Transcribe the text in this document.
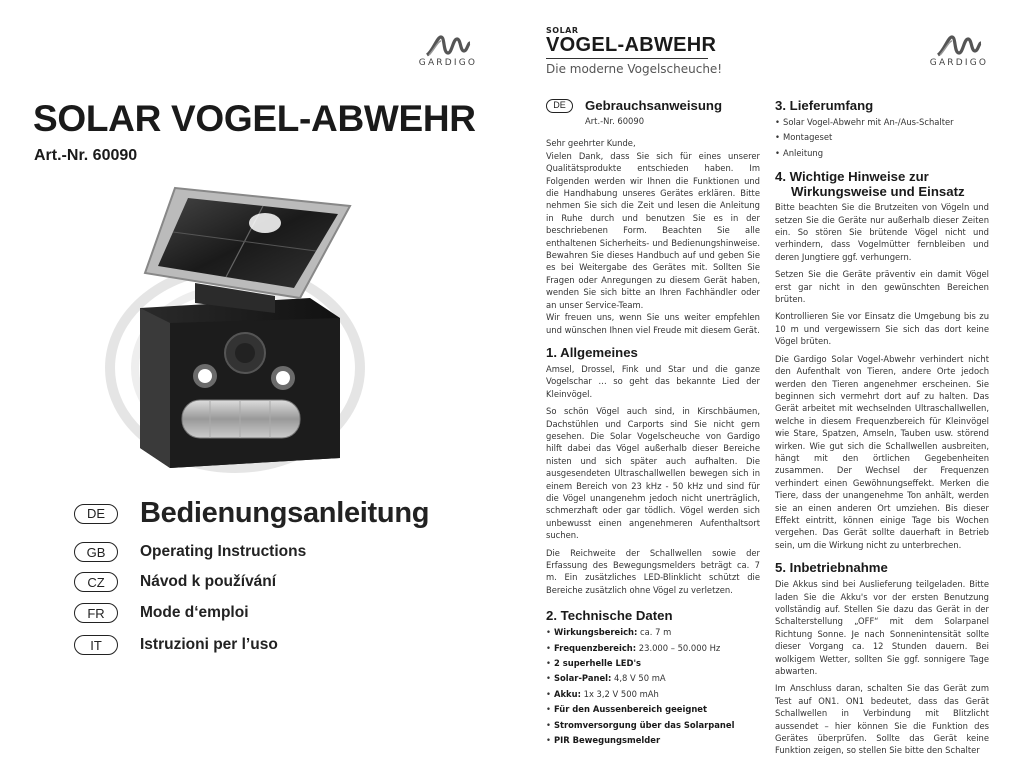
GARDIGO
SOLAR VOGEL-ABWEHR
Art.-Nr. 60090
DE	Bedienungsanleitung
GB	Operating Instructions
CZ	Návod k používání
FR	Mode d‘emploi
IT	Istruzioni per l’uso
SOLAR
VOGEL-ABWEHR
Die moderne Vogelscheuche!	GARDIGO
DE	Gebrauchsanweisung
Art.-Nr. 60090

Sehr geehrter Kunde,

Vielen Dank, dass Sie sich für eines unserer Qualitätsprodukte entschieden haben. Im Folgenden werden wir Ihnen die Funktionen und die Handhabung unseres Gerätes erklären. Bitte nehmen Sie sich die Zeit und lesen die Anleitung in Ruhe durch und benutzen Sie es in der beschriebenen Form. Beachten Sie alle enthaltenen Sicherheits- und Bedienungshinweise. Bewahren Sie dieses Handbuch auf und geben Sie es bei Weitergabe des Gerätes mit. Sollten Sie Fragen oder Anregungen zu diesem Gerät haben, wenden Sie sich bitte an Ihren Fachhändler oder an unser Service-Team.

Wir freuen uns, wenn Sie uns weiter empfehlen und wünschen Ihnen viel Freude mit diesem Gerät.

1. Allgemeines

Amsel, Drossel, Fink und Star und die ganze Vogelschar … so geht das bekannte Lied der Kleinvögel.

So schön Vögel auch sind, in Kirschbäumen, Dachstühlen und Carports sind Sie nicht gern gesehen. Die Solar Vogelscheuche von Gardigo hilft dabei das Vögel außerhalb dieser Bereiche nisten und sich später auch aufhalten. Die ausgesendeten Ultraschallwellen bewegen sich in einem Bereich von 23 kHz - 50 kHz und sind für die Vögel unangenehm jedoch nicht unerträglich, schmerzhaft oder gar tödlich. Vögel werden sich unbewusst einen angenehmeren Aufenthaltsort suchen.

Die Reichweite der Schallwellen sowie der Erfassung des Bewegungsmelders beträgt ca. 7 m. Ein zusätzliches LED-Blinklicht schützt die Bereiche zusätzlich ohne Vögel zu verletzen.

2. Technische Daten
• Wirkungsbereich: ca. 7 m
• Frequenzbereich: 23.000 – 50.000 Hz
• 2 superhelle LED's
• Solar-Panel: 4,8 V 50 mA
• Akku: 1x 3,2 V 500 mAh
• Für den Aussenbereich geeignet
• Stromversorgung über das Solarpanel
• PIR Bewegungsmelder
3. Lieferumfang
• Solar Vogel-Abwehr mit An-/Aus-Schalter
• Montageset
• Anleitung
4. Wichtige Hinweise zur
Wirkungsweise und Einsatz

Bitte beachten Sie die Brutzeiten von Vögeln und setzen Sie die Geräte nur außerhalb dieser Zeiten ein. So stören Sie brütende Vögel nicht und verhindern, dass Vogelmütter fernbleiben und deren Jungtiere ggf. verhungern.

Setzen Sie die Geräte präventiv ein damit Vögel erst gar nicht in den gewünschten Bereichen brüten.

Kontrollieren Sie vor Einsatz die Umgebung bis zu 10 m und vergewissern Sie sich das dort keine Vögel brüten.

Die Gardigo Solar Vogel-Abwehr verhindert nicht den Aufenthalt von Tieren, andere Orte jedoch werden den Tieren angenehmer erscheinen. Sie beginnen sich vermehrt dort auf zu halten. Das Gerät arbeitet mit wechselnden Ultraschallwellen, welche in diesem Frequenzbereich für Kleinvögel wie Stare, Spatzen, Amseln, Tauben usw. störend wirken. Wie gut sich die Schallwellen ausbreiten, hängt mit den örtlichen Gegebenheiten zusammen. Der Wechsel der Frequenzen verhindert einen Gewöhnungseffekt. Merken die Tiere, dass der unangenehme Ton anhält, werden sie an einen anderen Ort umziehen. Bis dieser Effekt eintritt, können einige Tage bis Wochen vergehen. Das Gerät sollte dauerhaft in Betrieb sein, um die Wirkung nicht zu unterbrechen.

5. Inbetriebnahme

Die Akkus sind bei Auslieferung teilgeladen. Bitte laden Sie die Akku's vor der ersten Benutzung vollständig auf. Stellen Sie dazu das Gerät in der Schalterstellung „OFF“ mit dem Solarpanel Richtung Sonne. Je nach Sonnenintensität sollte dieser Vorgang ca. 12 Stunden dauern. Bei wolkigem Wetter, sollten Sie ggf. sonnigere Tage abwarten.

Im Anschluss daran, schalten Sie das Gerät zum Test auf ON1. ON1 bedeutet, dass das Gerät Schallwellen in Verbindung mit Blitzlicht aussendet – hier können Sie die Funktion des Gerätes überprüfen. Sollte das Gerät keine Funktion zeigen, so stellen Sie bitte den Schalter
